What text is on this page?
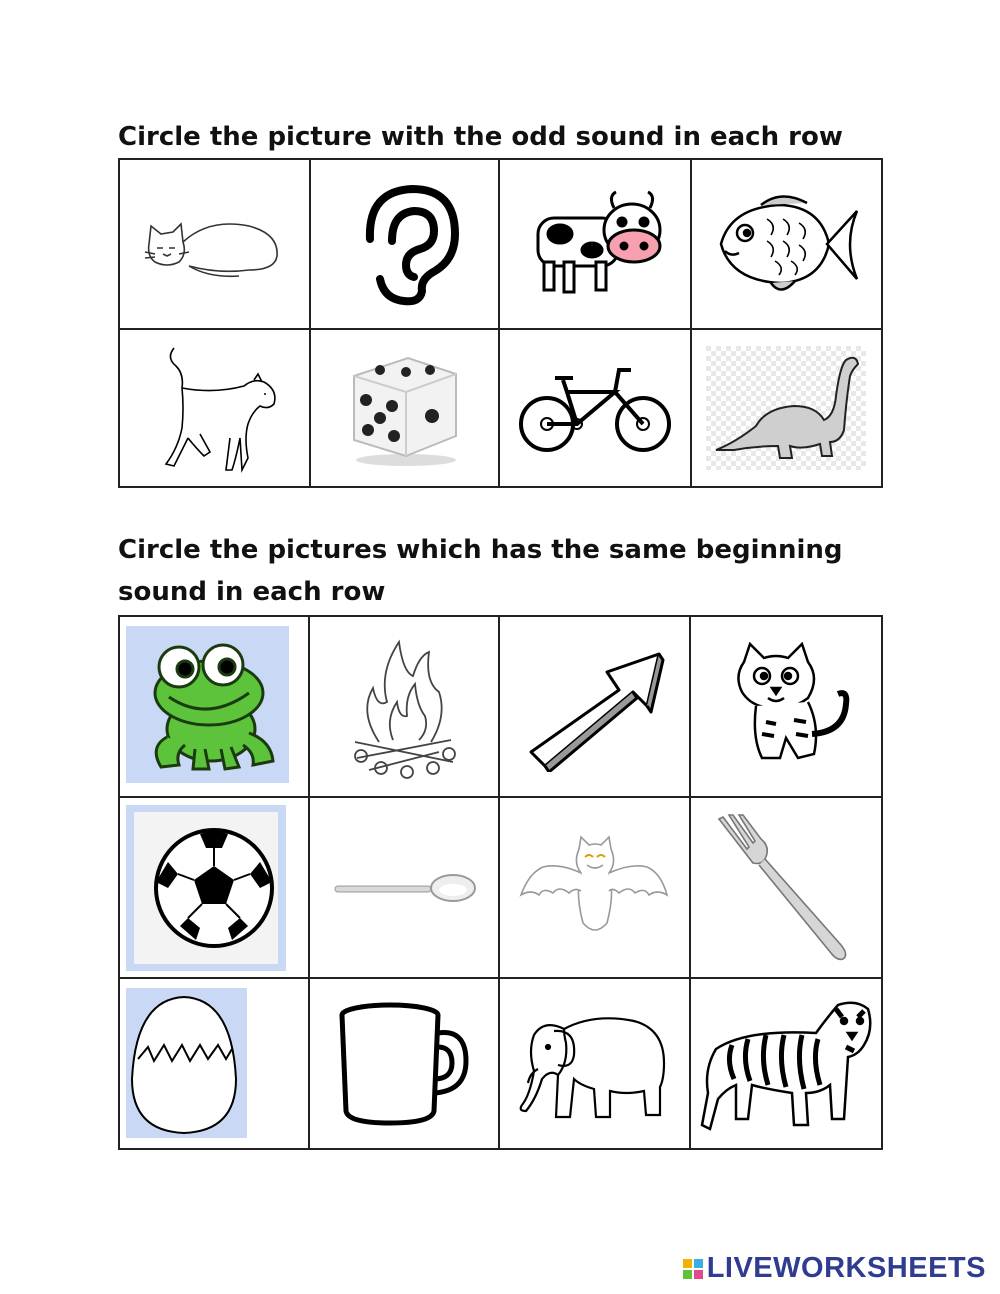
Circle the picture with the odd sound in each row

Circle the pictures which has the same beginning
sound in each row

LIVEWORKSHEETS
